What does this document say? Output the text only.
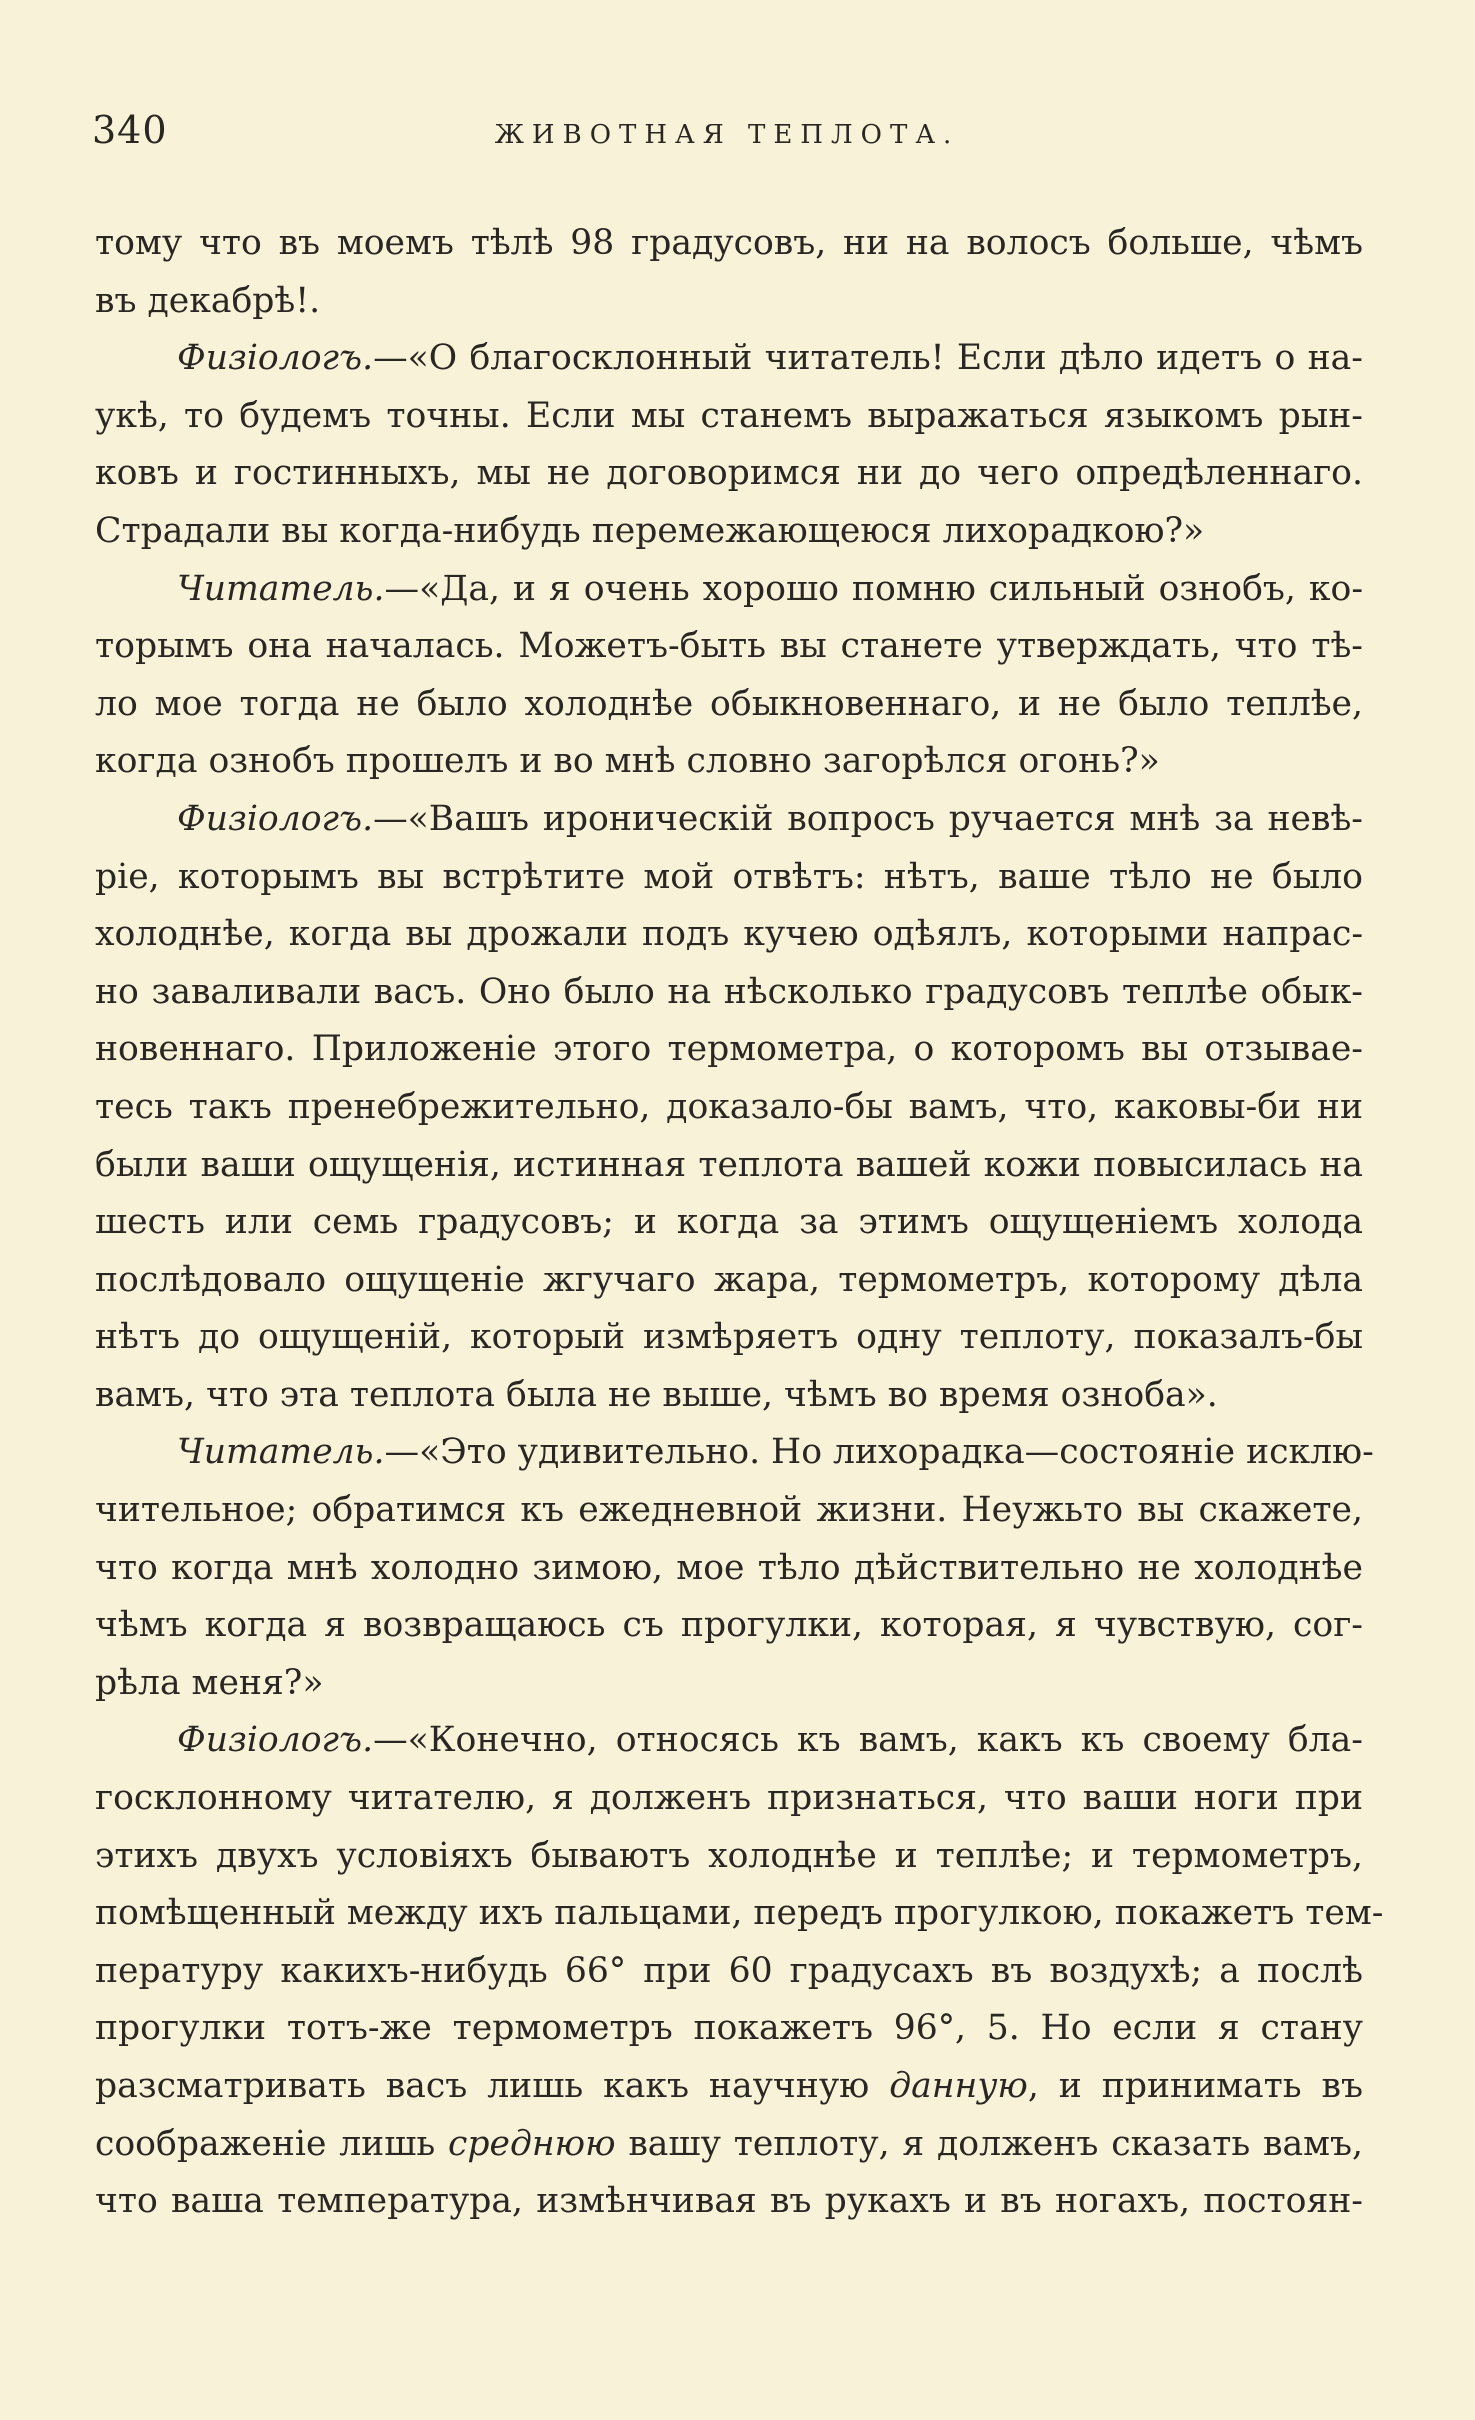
340	ЖИВОТНАЯ ТЕПЛОТА.
тому что въ моемъ тѣлѣ 98 градусовъ, ни на волосъ больше, чѣмъ
въ декабрѣ!.
Физіологъ.—«О благосклонный читатель! Если дѣло идетъ о на-
укѣ, то будемъ точны. Если мы станемъ выражаться языкомъ рын-
ковъ и гостинныхъ, мы не договоримся ни до чего опредѣленнаго.
Страдали вы когда-нибудь перемежающеюся лихорадкою?»
Читатель.—«Да, и я очень хорошо помню сильный ознобъ, ко-
торымъ она началась. Можетъ-быть вы станете утверждать, что тѣ-
ло мое тогда не было холоднѣе обыкновеннаго, и не было теплѣе,
когда ознобъ прошелъ и во мнѣ словно загорѣлся огонь?»
Физіологъ.—«Вашъ ироническій вопросъ ручается мнѣ за невѣ-
ріе, которымъ вы встрѣтите мой отвѣтъ: нѣтъ, ваше тѣло не было
холоднѣе, когда вы дрожали подъ кучею одѣялъ, которыми напрас-
но заваливали васъ. Оно было на нѣсколько градусовъ теплѣе обык-
новеннаго. Приложеніе этого термометра, о которомъ вы отзывае-
тесь такъ пренебрежительно, доказало-бы вамъ, что, каковы-би ни
были ваши ощущенія, истинная теплота вашей кожи повысилась на
шесть или семь градусовъ; и когда за этимъ ощущеніемъ холода
послѣдовало ощущеніе жгучаго жара, термометръ, которому дѣла
нѣтъ до ощущеній, который измѣряетъ одну теплоту, показалъ-бы
вамъ, что эта теплота была не выше, чѣмъ во время озноба».
Читатель.—«Это удивительно. Но лихорадка—состояніе исклю-
чительное; обратимся къ ежедневной жизни. Неужьто вы скажете,
что когда мнѣ холодно зимою, мое тѣло дѣйствительно не холоднѣе
чѣмъ когда я возвращаюсь съ прогулки, которая, я чувствую, сог-
рѣла меня?»
Физіологъ.—«Конечно, относясь къ вамъ, какъ къ своему бла-
госклонному читателю, я долженъ признаться, что ваши ноги при
этихъ двухъ условіяхъ бываютъ холоднѣе и теплѣе; и термометръ,
помѣщенный между ихъ пальцами, передъ прогулкою, покажетъ тем-
пературу какихъ-нибудь 66° при 60 градусахъ въ воздухѣ; а послѣ
прогулки тотъ-же термометръ покажетъ 96°, 5. Но если я стану
разсматривать васъ лишь какъ научную данную, и принимать въ
соображеніе лишь среднюю вашу теплоту, я долженъ сказать вамъ,
что ваша температура, измѣнчивая въ рукахъ и въ ногахъ, постоян-
